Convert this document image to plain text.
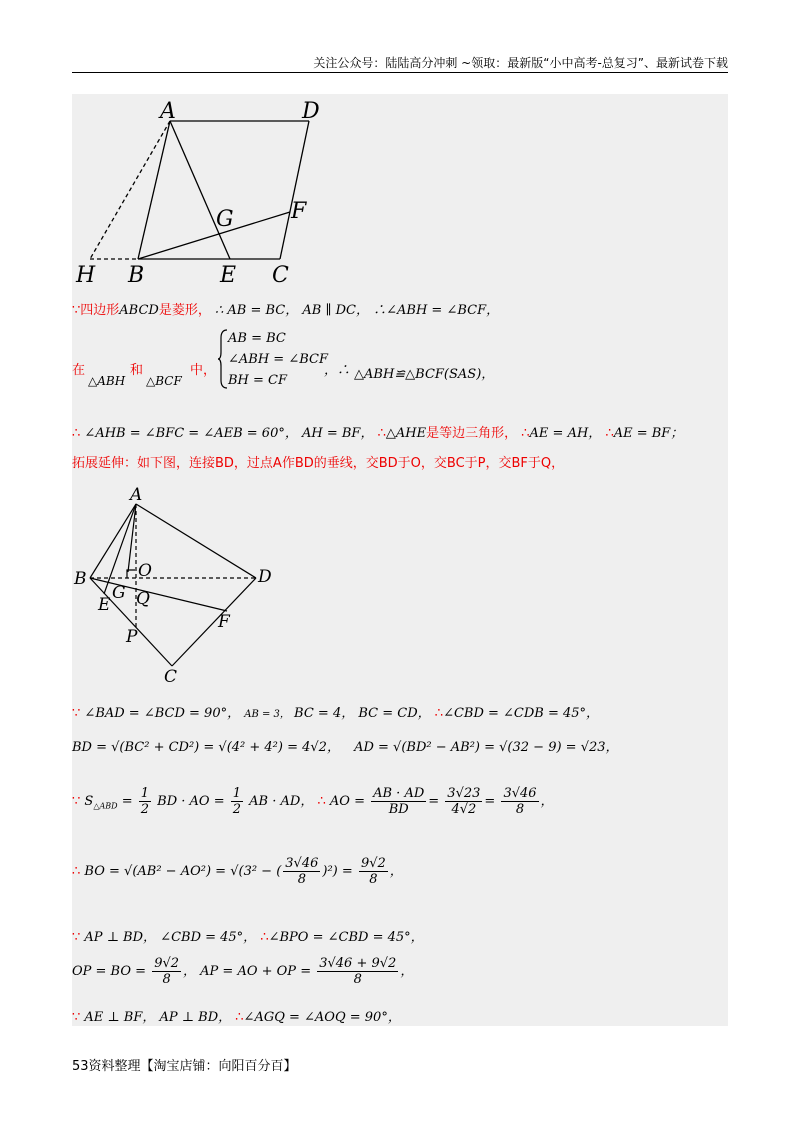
关注公众号：陆陆高分冲刺 ~领取：最新版“小中高考-总复习”、最新试卷下载
A	D
G	F
H B	E C
∵四边形ABCD是菱形， ∴ AB = BC， AB ∥ DC， ∴∠ABH = ∠BCF，
在	和	中，
△ABH △BCF
AB = BC
∠ABH = ∠BCF
BH = CF
，∴ △ABH≌△BCF(SAS)，
∴ ∠AHB = ∠BFC = ∠AEB = 60°， AH = BF， ∴△AHE是等边三角形， ∴AE = AH， ∴AE = BF；
拓展延伸：如下图，连接BD，过点A作BD的垂线，交BD于O，交BC于P，交BF于Q，
A
B	O	D
E
G Q
F
P
C
∵ ∠BAD = ∠BCD = 90°， AB = 3， BC = 4， BC = CD， ∴∠CBD = ∠CDB = 45°，
BD = √(BC² + CD²) = √(4² + 4²) = 4√2， AD = √(BD² − AB²) = √(32 − 9) = √23，
∵ $S_{\triangle ABD} = \frac{1}{2}$ BD · AO = $\frac{1}{2}$ AB · AD， ∴ AO = $\frac{AB \cdot AD}{BD} = \frac{3√23}{4√2} = \frac{3√46}{8}$ ，
∴ BO = √(AB² − AO²) = √(3² − ( $\frac{3√46}{8} )^2) = \frac{9√2}{8}$ ，
∵ AP ⊥ BD， ∠CBD = 45°， ∴∠BPO = ∠CBD = 45°，
OP = BO = $\frac{9√2}{8}$ ， AP = AO + OP = $\frac{3√46 + 9√2}{8}$ ，
∵ AE ⊥ BF， AP ⊥ BD， ∴∠AGQ = ∠AOQ = 90°，
53资料整理【淘宝店铺：向阳百分百】
